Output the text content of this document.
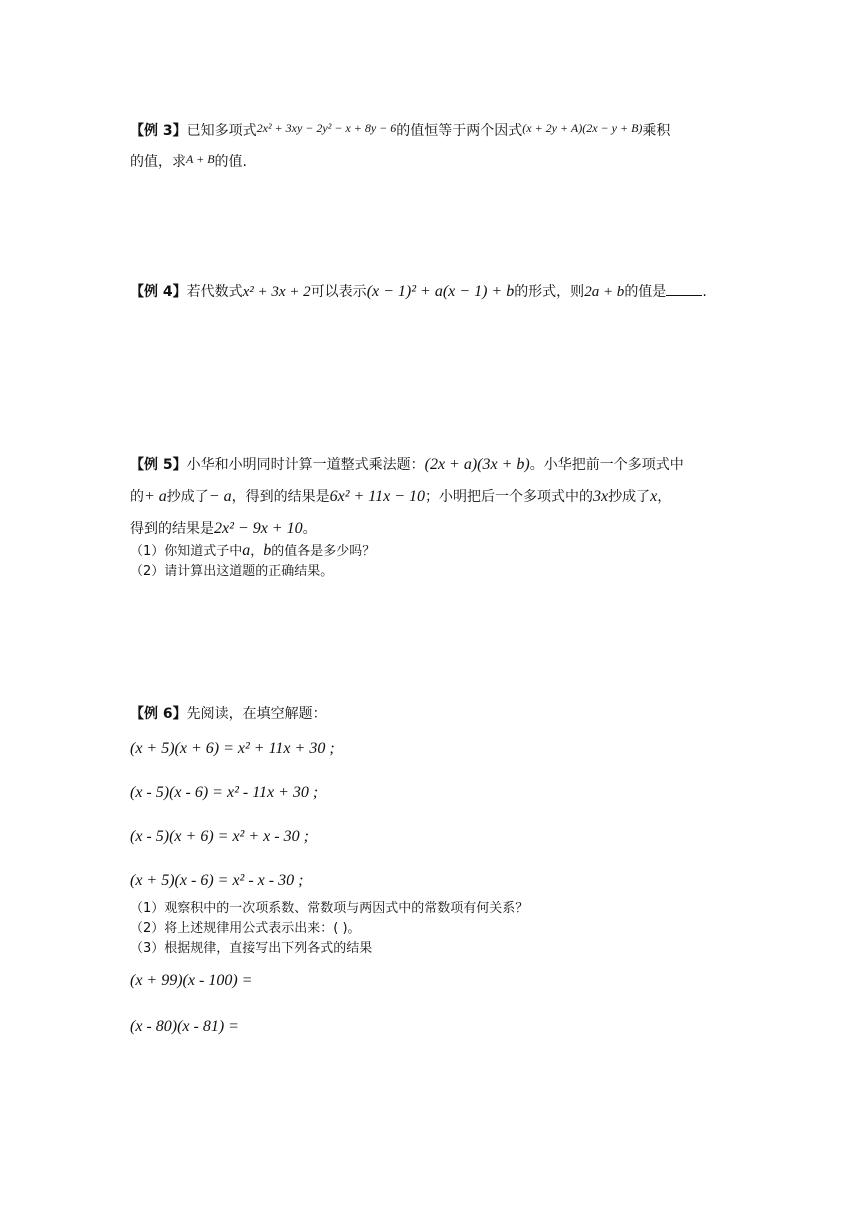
【例 3】已知多项式2x² + 3xy − 2y² − x + 8y − 6的值恒等于两个因式(x + 2y + A)(2x − y + B)乘积
的值，求A + B的值.
【例 4】若代数式x² + 3x + 2可以表示(x − 1)² + a(x − 1) + b的形式，则2a + b的值是	.
【例 5】小华和小明同时计算一道整式乘法题：(2x + a)(3x + b)。小华把前一个多项式中
的+ a抄成了− a，得到的结果是6x² + 11x − 10；小明把后一个多项式中的3x抄成了x，
得到的结果是2x² − 9x + 10。
（1）你知道式子中a，b的值各是多少吗？
（2）请计算出这道题的正确结果。
【例 6】先阅读，在填空解题：
(x + 5)(x + 6) = x² + 11x + 30 ;
(x - 5)(x - 6) = x² - 11x + 30 ;
(x - 5)(x + 6) = x² + x - 30 ;
(x + 5)(x - 6) = x² - x - 30 ;
（1）观察积中的一次项系数、常数项与两因式中的常数项有何关系？
（2）将上述规律用公式表示出来：( )。
（3）根据规律，直接写出下列各式的结果
(x + 99)(x - 100) =
(x - 80)(x - 81) =
